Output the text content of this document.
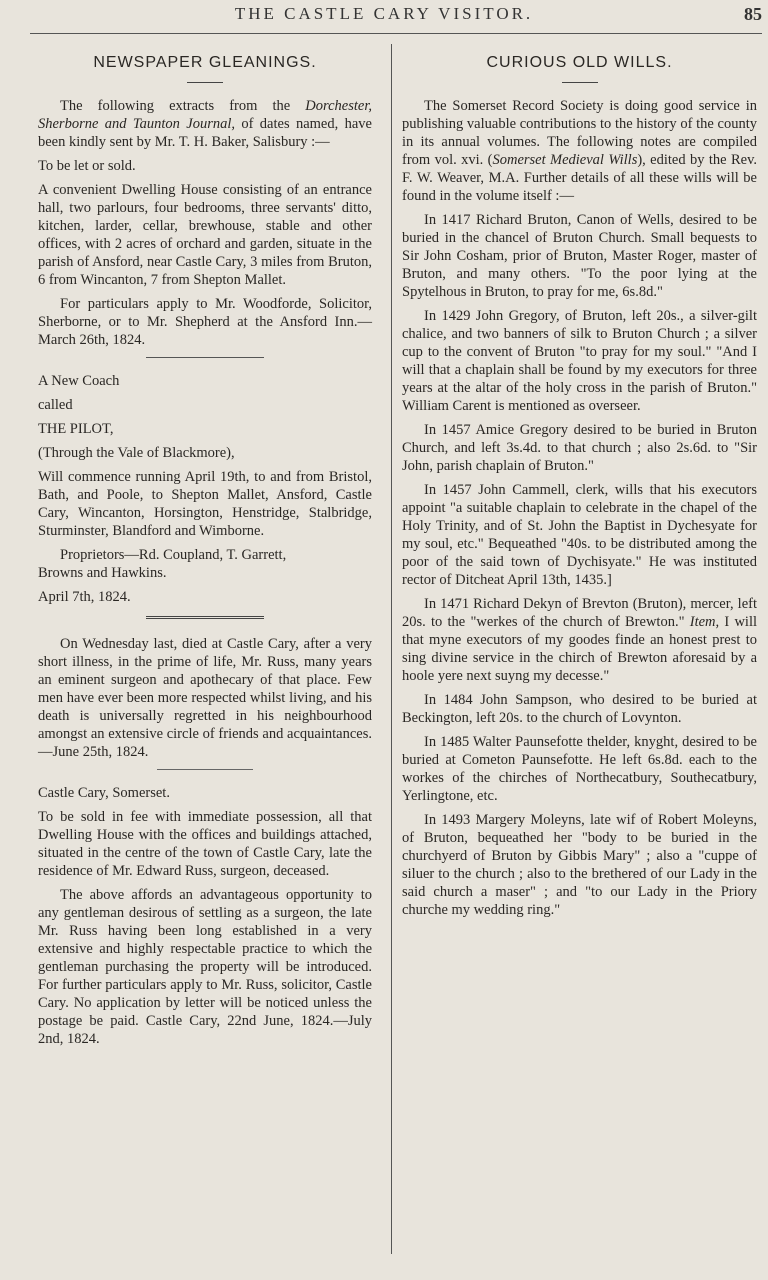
THE CASTLE CARY VISITOR.	85
NEWSPAPER GLEANINGS.

The following extracts from the Dorchester, Sherborne and Taunton Journal, of dates named, have been kindly sent by Mr. T. H. Baker, Salisbury :—

To be let or sold.

A convenient Dwelling House consisting of an entrance hall, two parlours, four bedrooms, three servants' ditto, kitchen, larder, cellar, brewhouse, stable and other offices, with 2 acres of orchard and garden, situate in the parish of Ansford, near Castle Cary, 3 miles from Bruton, 6 from Wincanton, 7 from Shepton Mallet.

For particulars apply to Mr. Woodforde, Solicitor, Sherborne, or to Mr. Shepherd at the Ansford Inn.—March 26th, 1824.

A New Coach

called

THE PILOT,

(Through the Vale of Blackmore),

Will commence running April 19th, to and from Bristol, Bath, and Poole, to Shepton Mallet, Ansford, Castle Cary, Wincanton, Horsington, Henstridge, Stalbridge, Sturminster, Blandford and Wimborne.

Proprietors—Rd. Coupland, T. Garrett,

Browns and Hawkins.

April 7th, 1824.

On Wednesday last, died at Castle Cary, after a very short illness, in the prime of life, Mr. Russ, many years an eminent surgeon and apothecary of that place. Few men have ever been more respected whilst living, and his death is universally regretted in his neighbourhood amongst an extensive circle of friends and acquaintances.—June 25th, 1824.

Castle Cary, Somerset.

To be sold in fee with immediate possession, all that Dwelling House with the offices and buildings attached, situated in the centre of the town of Castle Cary, late the residence of Mr. Edward Russ, surgeon, deceased.

The above affords an advantageous opportunity to any gentleman desirous of settling as a surgeon, the late Mr. Russ having been long established in a very extensive and highly respectable practice to which the gentleman purchasing the property will be introduced. For further particulars apply to Mr. Russ, solicitor, Castle Cary. No application by letter will be noticed unless the postage be paid. Castle Cary, 22nd June, 1824.—July 2nd, 1824.

CURIOUS OLD WILLS.

The Somerset Record Society is doing good service in publishing valuable contributions to the history of the county in its annual volumes. The following notes are compiled from vol. xvi. (Somerset Medieval Wills), edited by the Rev. F. W. Weaver, M.A. Further details of all these wills will be found in the volume itself :—

In 1417 Richard Bruton, Canon of Wells, desired to be buried in the chancel of Bruton Church. Small bequests to Sir John Cosham, prior of Bruton, Master Roger, master of Bruton, and many others. "To the poor lying at the Spytelhous in Bruton, to pray for me, 6s.8d."

In 1429 John Gregory, of Bruton, left 20s., a silver-gilt chalice, and two banners of silk to Bruton Church ; a silver cup to the convent of Bruton "to pray for my soul." "And I will that a chaplain shall be found by my executors for three years at the altar of the holy cross in the parish of Bruton." William Carent is mentioned as overseer.

In 1457 Amice Gregory desired to be buried in Bruton Church, and left 3s.4d. to that church ; also 2s.6d. to "Sir John, parish chaplain of Bruton."

In 1457 John Cammell, clerk, wills that his executors appoint "a suitable chaplain to celebrate in the chapel of the Holy Trinity, and of St. John the Baptist in Dychesyate for my soul, etc." Bequeathed "40s. to be distributed among the poor of the said town of Dychisyate." He was instituted rector of Ditcheat April 13th, 1435.]

In 1471 Richard Dekyn of Brevton (Bruton), mercer, left 20s. to the "werkes of the church of Brewton." Item, I will that myne executors of my goodes finde an honest prest to sing divine service in the chirch of Brewton aforesaid by a hoole yere next suyng my decesse."

In 1484 John Sampson, who desired to be buried at Beckington, left 20s. to the church of Lovynton.

In 1485 Walter Paunsefotte thelder, knyght, desired to be buried at Cometon Paunsefotte. He left 6s.8d. each to the workes of the chirches of Northecatbury, Southecatbury, Yerlingtone, etc.

In 1493 Margery Moleyns, late wif of Robert Moleyns, of Bruton, bequeathed her "body to be buried in the churchyerd of Bruton by Gibbis Mary" ; also a "cuppe of siluer to the church ; also to the brethered of our Lady in the said church a maser" ; and "to our Lady in the Priory churche my wedding ring."
